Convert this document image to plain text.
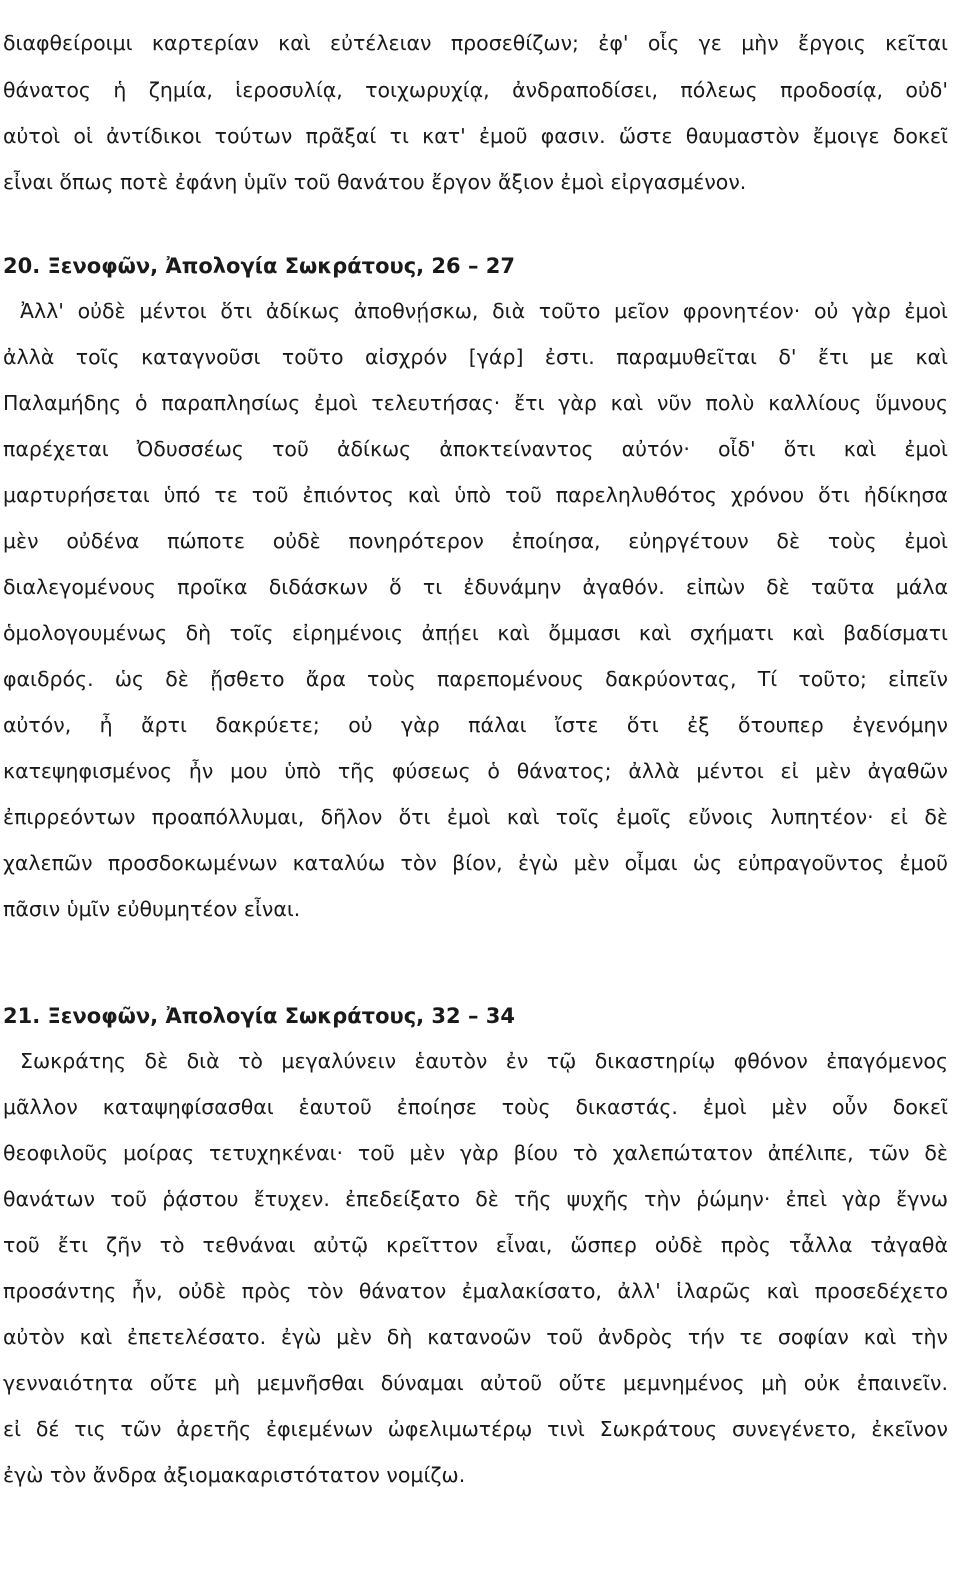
διαφθείροιμι καρτερίαν καὶ εὐτέλειαν προσεθίζων; ἐφ' οἷς γε μὴν ἔργοις κεῖται
θάνατος ἡ ζημία, ἱεροσυλίᾳ, τοιχωρυχίᾳ, ἀνδραποδίσει, πόλεως προδοσίᾳ, οὐδ'
αὐτοὶ οἱ ἀντίδικοι τούτων πρᾶξαί τι κατ' ἐμοῦ φασιν. ὥστε θαυμαστὸν ἔμοιγε δοκεῖ
εἶναι ὅπως ποτὲ ἐφάνη ὑμῖν τοῦ θανάτου ἔργον ἄξιον ἐμοὶ εἰργασμένον.
20. Ξενοφῶν, Ἀπολογία Σωκράτους, 26 – 27
Ἀλλ' οὐδὲ μέντοι ὅτι ἀδίκως ἀποθνῄσκω, διὰ τοῦτο μεῖον φρονητέον· οὐ γὰρ ἐμοὶ
ἀλλὰ τοῖς καταγνοῦσι τοῦτο αἰσχρόν [γάρ] ἐστι. παραμυθεῖται δ' ἔτι με καὶ
Παλαμήδης ὁ παραπλησίως ἐμοὶ τελευτήσας· ἔτι γὰρ καὶ νῦν πολὺ καλλίους ὕμνους
παρέχεται Ὀδυσσέως τοῦ ἀδίκως ἀποκτείναντος αὐτόν· οἶδ' ὅτι καὶ ἐμοὶ
μαρτυρήσεται ὑπό τε τοῦ ἐπιόντος καὶ ὑπὸ τοῦ παρεληλυθότος χρόνου ὅτι ἠδίκησα
μὲν οὐδένα πώποτε οὐδὲ πονηρότερον ἐποίησα, εὐηργέτουν δὲ τοὺς ἐμοὶ
διαλεγομένους προῖκα διδάσκων ὅ τι ἐδυνάμην ἀγαθόν. εἰπὼν δὲ ταῦτα μάλα
ὁμολογουμένως δὴ τοῖς εἰρημένοις ἀπῄει καὶ ὄμμασι καὶ σχήματι καὶ βαδίσματι
φαιδρός. ὡς δὲ ᾔσθετο ἄρα τοὺς παρεπομένους δακρύοντας, Τί τοῦτο; εἰπεῖν
αὐτόν, ἦ ἄρτι δακρύετε; οὐ γὰρ πάλαι ἴστε ὅτι ἐξ ὅτουπερ ἐγενόμην
κατεψηφισμένος ἦν μου ὑπὸ τῆς φύσεως ὁ θάνατος; ἀλλὰ μέντοι εἰ μὲν ἀγαθῶν
ἐπιρρεόντων προαπόλλυμαι, δῆλον ὅτι ἐμοὶ καὶ τοῖς ἐμοῖς εὔνοις λυπητέον· εἰ δὲ
χαλεπῶν προσδοκωμένων καταλύω τὸν βίον, ἐγὼ μὲν οἶμαι ὡς εὐπραγοῦντος ἐμοῦ
πᾶσιν ὑμῖν εὐθυμητέον εἶναι.
21. Ξενοφῶν, Ἀπολογία Σωκράτους, 32 – 34
Σωκράτης δὲ διὰ τὸ μεγαλύνειν ἑαυτὸν ἐν τῷ δικαστηρίῳ φθόνον ἐπαγόμενος
μᾶλλον καταψηφίσασθαι ἑαυτοῦ ἐποίησε τοὺς δικαστάς. ἐμοὶ μὲν οὖν δοκεῖ
θεοφιλοῦς μοίρας τετυχηκέναι· τοῦ μὲν γὰρ βίου τὸ χαλεπώτατον ἀπέλιπε, τῶν δὲ
θανάτων τοῦ ῥᾴστου ἔτυχεν. ἐπεδείξατο δὲ τῆς ψυχῆς τὴν ῥώμην· ἐπεὶ γὰρ ἔγνω
τοῦ ἔτι ζῆν τὸ τεθνάναι αὐτῷ κρεῖττον εἶναι, ὥσπερ οὐδὲ πρὸς τἆλλα τἀγαθὰ
προσάντης ἦν, οὐδὲ πρὸς τὸν θάνατον ἐμαλακίσατο, ἀλλ' ἱλαρῶς καὶ προσεδέχετο
αὐτὸν καὶ ἐπετελέσατο. ἐγὼ μὲν δὴ κατανοῶν τοῦ ἀνδρὸς τήν τε σοφίαν καὶ τὴν
γενναιότητα οὔτε μὴ μεμνῆσθαι δύναμαι αὐτοῦ οὔτε μεμνημένος μὴ οὐκ ἐπαινεῖν.
εἰ δέ τις τῶν ἀρετῆς ἐφιεμένων ὠφελιμωτέρῳ τινὶ Σωκράτους συνεγένετο, ἐκεῖνον
ἐγὼ τὸν ἄνδρα ἀξιομακαριστότατον νομίζω.
